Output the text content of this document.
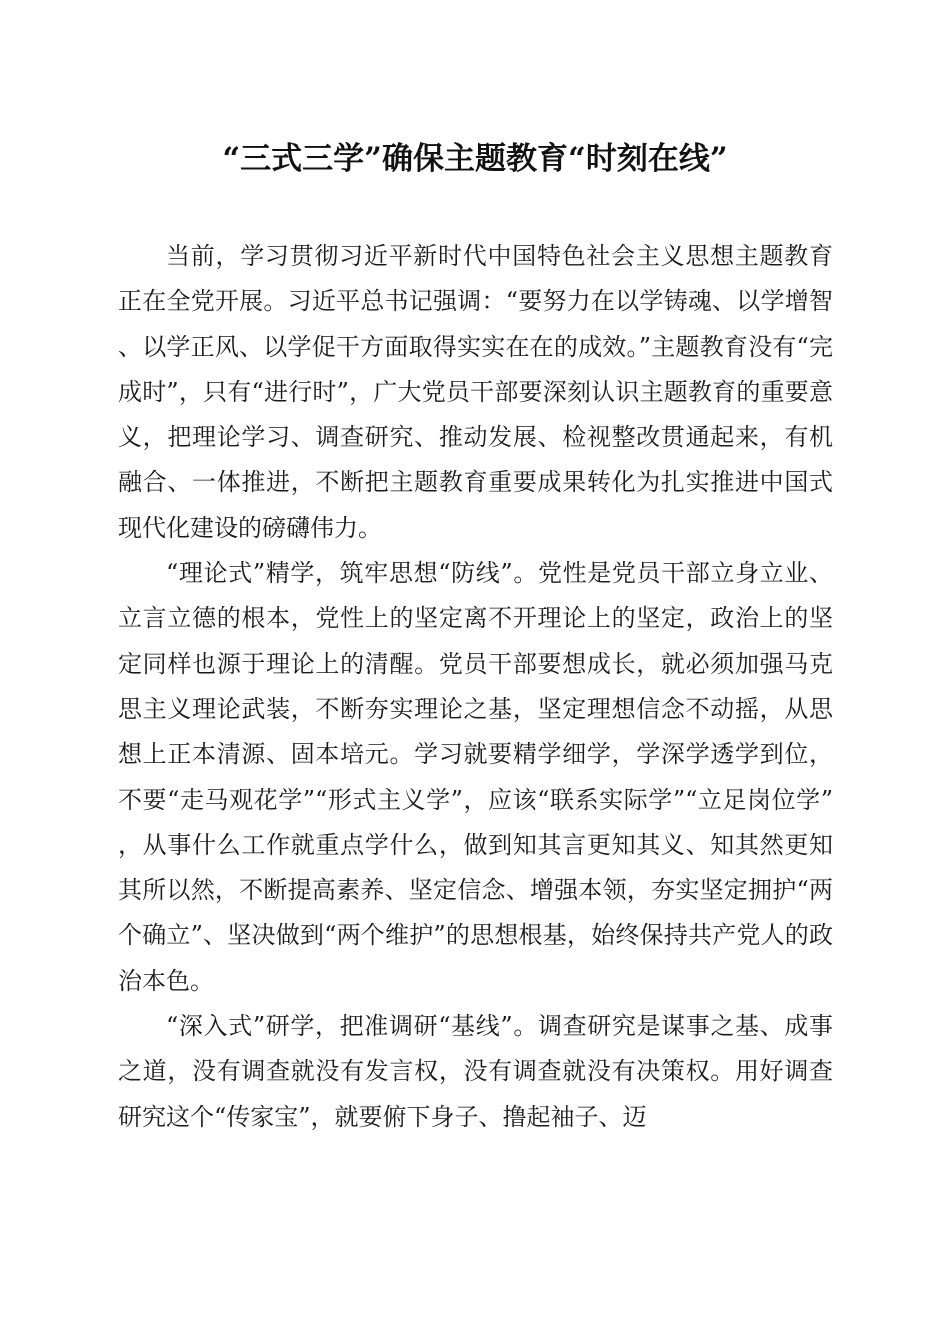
“三式三学”确保主题教育“时刻在线”

当前，学习贯彻习近平新时代中国特色社会主义思想主题教育正在全党开展。习近平总书记强调：“要努力在以学铸魂、以学增智、以学正风、以学促干方面取得实实在在的成效。”主题教育没有“完成时”，只有“进行时”，广大党员干部要深刻认识主题教育的重要意义，把理论学习、调查研究、推动发展、检视整改贯通起来，有机融合、一体推进，不断把主题教育重要成果转化为扎实推进中国式现代化建设的磅礴伟力。

“理论式”精学，筑牢思想“防线”。党性是党员干部立身立业、立言立德的根本，党性上的坚定离不开理论上的坚定，政治上的坚定同样也源于理论上的清醒。党员干部要想成长，就必须加强马克思主义理论武装，不断夯实理论之基，坚定理想信念不动摇，从思想上正本清源、固本培元。学习就要精学细学，学深学透学到位，不要“走马观花学”“形式主义学”，应该“联系实际学”“立足岗位学”，从事什么工作就重点学什么，做到知其言更知其义、知其然更知其所以然，不断提高素养、坚定信念、增强本领，夯实坚定拥护“两个确立”、坚决做到“两个维护”的思想根基，始终保持共产党人的政治本色。

“深入式”研学，把准调研“基线”。调查研究是谋事之基、成事之道，没有调查就没有发言权，没有调查就没有决策权。用好调查研究这个“传家宝”，就要俯下身子、撸起袖子、迈
